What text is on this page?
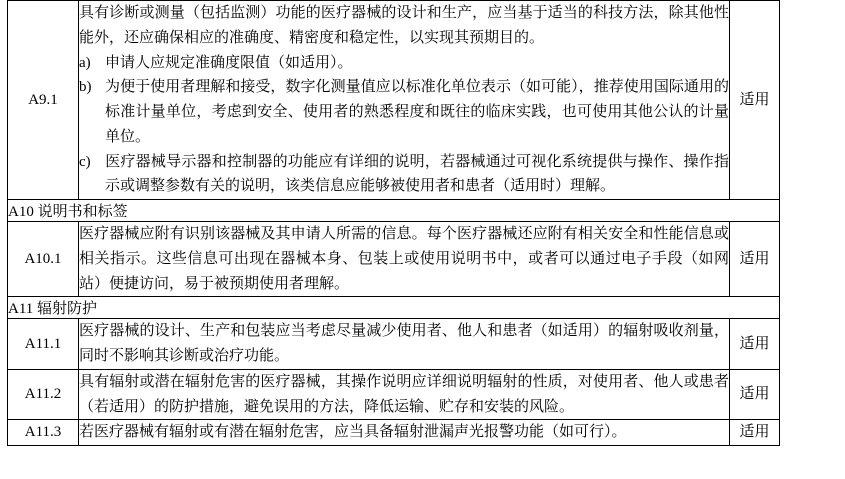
A9.1	具有诊断或测量（包括监测）功能的医疗器械的设计和生产，应当基于适当的科技方法，除其他性能外，还应确保相应的准确度、精密度和稳定性，以实现其预期目的。

a) 申请人应规定准确度限值（如适用）。

b) 为便于使用者理解和接受，数字化测量值应以标准化单位表示（如可能），推荐使用国际通用的标准计量单位，考虑到安全、使用者的熟悉程度和既往的临床实践，也可使用其他公认的计量单位。

c) 医疗器械导示器和控制器的功能应有详细的说明，若器械通过可视化系统提供与操作、操作指示或调整参数有关的说明，该类信息应能够被使用者和患者（适用时）理解。	适用
A10 说明书和标签		
A10.1	医疗器械应附有识别该器械及其申请人所需的信息。每个医疗器械还应附有相关安全和性能信息或相关指示。这些信息可出现在器械本身、包装上或使用说明书中，或者可以通过电子手段（如网站）便捷访问，易于被预期使用者理解。	适用
A11 辐射防护		
A11.1	医疗器械的设计、生产和包装应当考虑尽量减少使用者、他人和患者（如适用）的辐射吸收剂量，同时不影响其诊断或治疗功能。	适用
A11.2	具有辐射或潜在辐射危害的医疗器械，其操作说明应详细说明辐射的性质，对使用者、他人或患者（若适用）的防护措施，避免误用的方法，降低运输、贮存和安装的风险。	适用
A11.3	若医疗器械有辐射或有潜在辐射危害，应当具备辐射泄漏声光报警功能（如可行）。	适用
